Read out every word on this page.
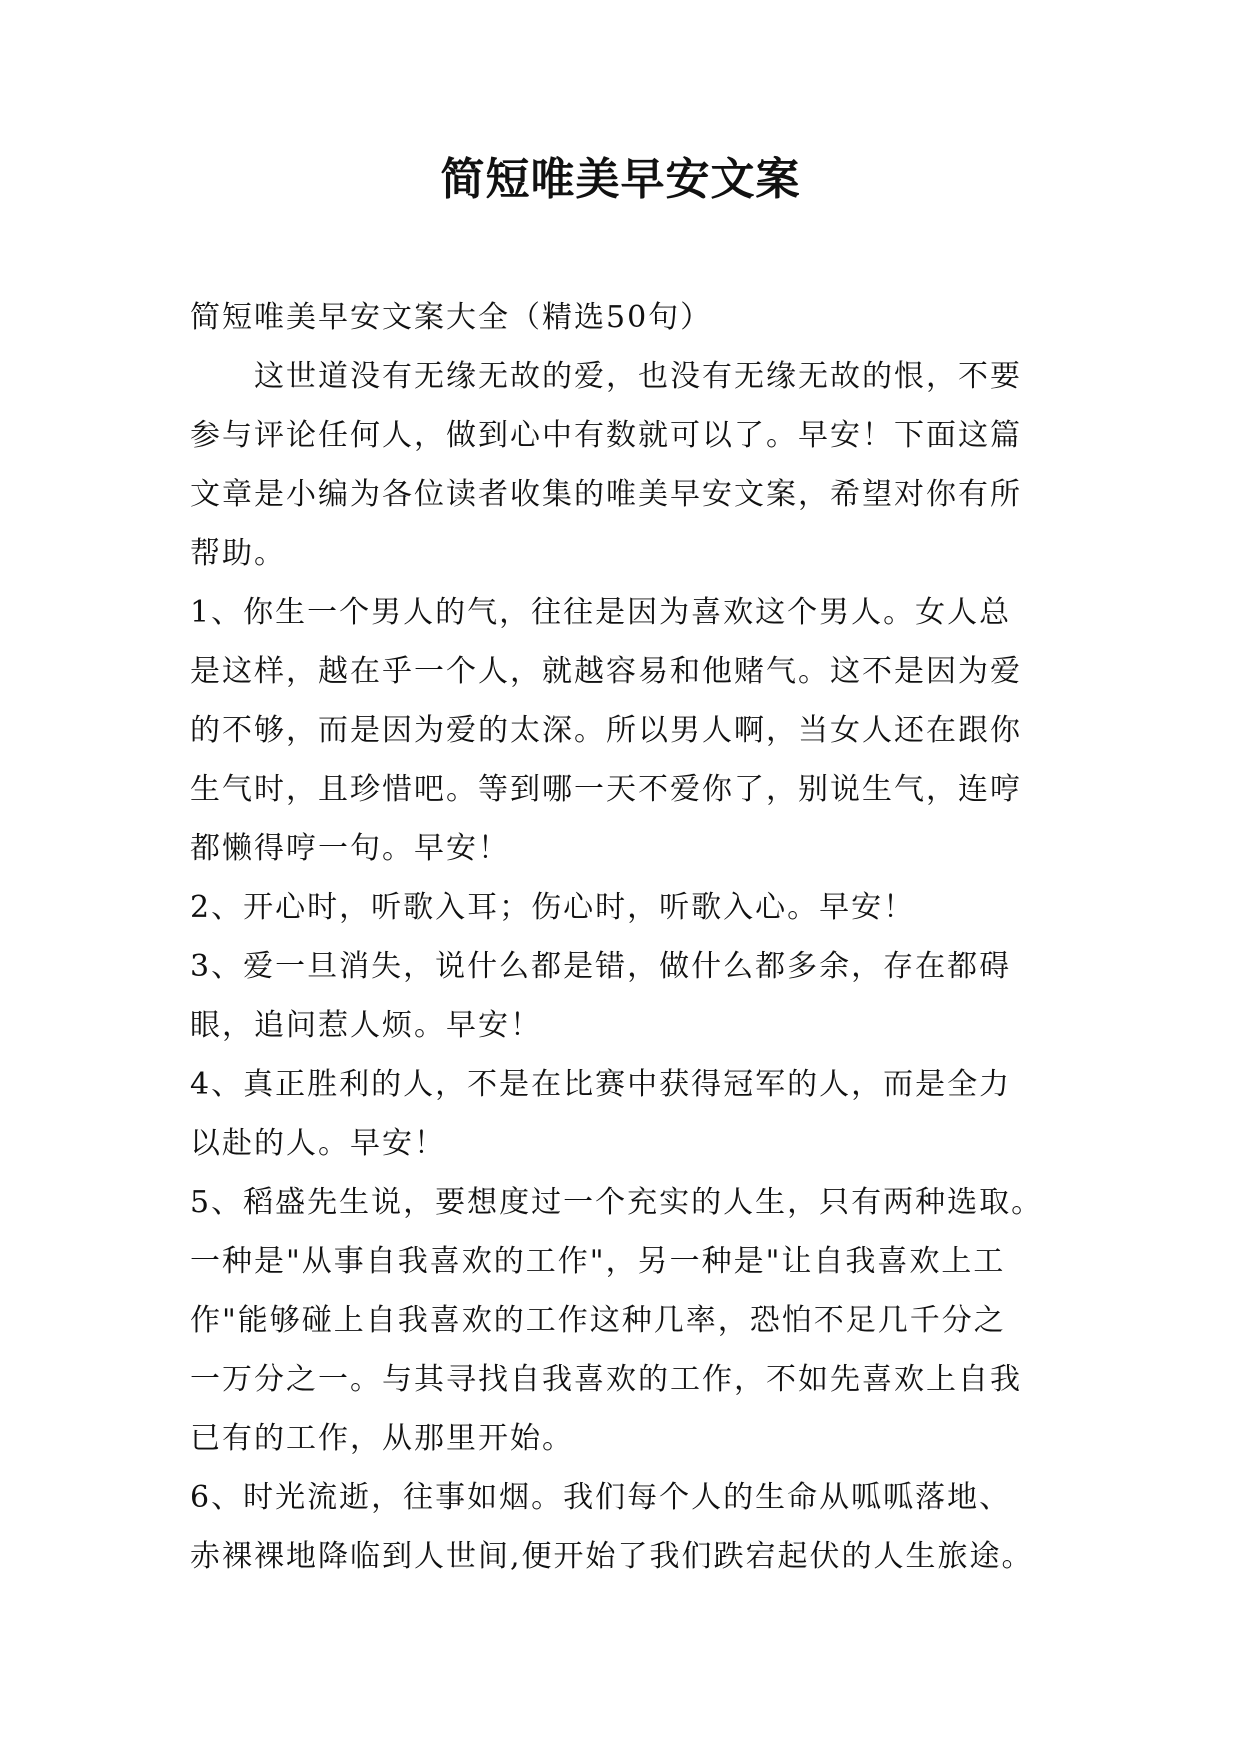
简短唯美早安文案

简短唯美早安文案大全（精选50句）

　　这世道没有无缘无故的爱，也没有无缘无故的恨，不要

参与评论任何人，做到心中有数就可以了。早安！下面这篇

文章是小编为各位读者收集的唯美早安文案，希望对你有所

帮助。

1、你生一个男人的气，往往是因为喜欢这个男人。女人总

是这样，越在乎一个人，就越容易和他赌气。这不是因为爱

的不够，而是因为爱的太深。所以男人啊，当女人还在跟你

生气时，且珍惜吧。等到哪一天不爱你了，别说生气，连哼

都懒得哼一句。早安！

2、开心时，听歌入耳；伤心时，听歌入心。早安！

3、爱一旦消失，说什么都是错，做什么都多余，存在都碍

眼，追问惹人烦。早安！

4、真正胜利的人，不是在比赛中获得冠军的人，而是全力

以赴的人。早安！

5、稻盛先生说，要想度过一个充实的人生，只有两种选取。

一种是"从事自我喜欢的工作"，另一种是"让自我喜欢上工

作"能够碰上自我喜欢的工作这种几率，恐怕不足几千分之

一万分之一。与其寻找自我喜欢的工作，不如先喜欢上自我

已有的工作，从那里开始。

6、时光流逝，往事如烟。我们每个人的生命从呱呱落地、

赤裸裸地降临到人世间,便开始了我们跌宕起伏的人生旅途。
